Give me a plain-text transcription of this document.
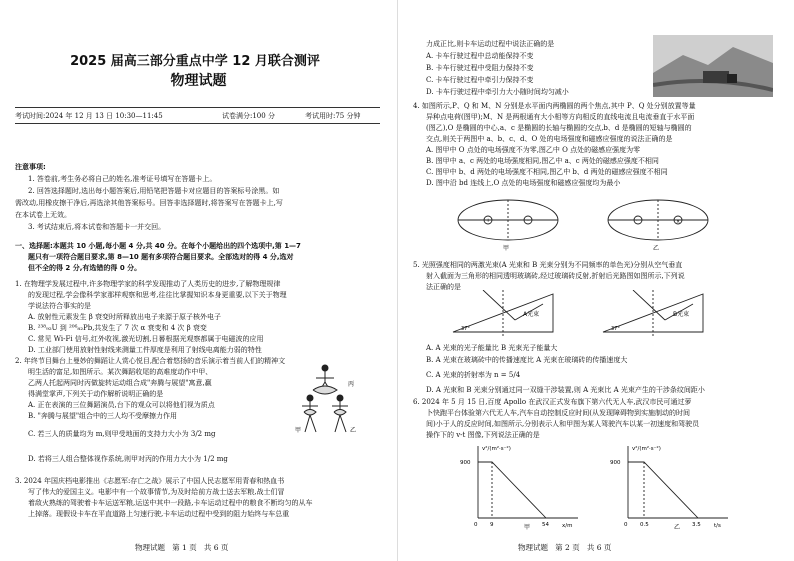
2025 届高三部分重点中学 12 月联合测评
物理试题
考试时间:2024 年 12 月 13 日 10:30—11:45	试卷满分:100 分	考试用时:75 分钟
注意事项:
1. 答卷前,考生务必将自己的姓名,准考证号填写在答题卡上。
2. 回答选择题时,选出每小题答案后,用铅笔把答题卡对应题目的答案标号涂黑。如
需改动,用橡皮擦干净后,再选涂其他答案标号。回答非选择题时,将答案写在答题卡上,写
在本试卷上无效。
3. 考试结束后,将本试卷和答题卡一并交回。
一、选择题:本题共 10 小题,每小题 4 分,共 40 分。在每个小题给出的四个选项中,第 1—7
题只有一项符合题目要求,第 8—10 题有多项符合题目要求。全部选对的得 4 分,选对
但不全的得 2 分,有选错的得 0 分。
1. 在物理学发展过程中,许多物理学家的科学发现推动了人类历史的进步,了解物理规律
的发现过程,学会像科学家那样观察和思考,往往比掌握知识本身更重要,以下关于物理
学说法符合事实的是
A. 放射性元素发生 β 衰变时所释放出电子来源于原子核外电子
B. ²³⁸₉₂U 到 ²⁰⁶₈₂Pb,共发生了 7 次 α 衰变和 4 次 β 衰变
C. 常见 Wi-Fi 信号,红外收视,激光切割,日晷根据光观察都属于电磁波的应用
D. 工业部门使用放射性射线来测量工件厚度是利用了射线电离能力弱的特性
2. 年终节目舞台上曼妙的舞蹈让人赏心悦目,配合着悠扬的音乐演示着当前人们的精神文
明生活的富足,如图所示。某次舞蹈收尾的高难度动作中甲、
乙两人托起两同时丙做旋转运动组合成"奔腾与展望"寓意,赢
得满堂掌声,下列关于动作解析说明正确的是
A. 正在表演的三位舞蹈演员,台下的观众可以将他们视为质点
B. "奔腾与展望"组合中的三人均不受摩擦力作用
C. 若三人的质量均为 m,则甲受地面的支持力大小为 3/2 mg
D. 若将三人组合整体视作系统,则甲对丙的作用力大小为 1/2 mg
丙
甲	乙
3. 2024 年国庆档电影推出《志愿军:存亡之战》展示了中国人民志愿军用青春和热血书
写了伟大的爱国主义。电影中有一个故事情节,为及时给前方战士送去军粮,战士们冒
着敌火熟练的驾驶着卡车运送军粮,运送中其中一段路,卡车运动过程中的粮食不断均匀的从车
上掉落。现假设卡车在平直道路上匀速行驶,卡车运动过程中受到的阻力始终与车总重
物理试题 第 1 页 共 6 页
力成正比,则卡车运动过程中说法正确的是
A. 卡车行驶过程中总动能保持不变
B. 卡车行驶过程中受阻力保持不变
C. 卡车行驶过程中牵引力保持不变
D. 卡车行驶过程中牵引力大小随时间均匀减小
4. 如图所示,P、Q 和 M、N 分别是水平面内两椭圆的两个焦点,其中 P、Q 处分别放置等量
异种点电荷(图甲);M、N 是两根通有大小相等方向相反的直线电流且电流垂直于水平面
(图乙),O 是椭圆的中心,a、c 是椭圆的长轴与椭圆的交点,b、d 是椭圆的短轴与椭圆的
交点,则关于两图中 a、b、c、d、O 处的电场强度和磁感应强度的说法正确的是
A. 图甲中 O 点处的电场强度不为零,图乙中 O 点处的磁感应强度为零
B. 图甲中 a、c 两处的电场强度相同,图乙中 a、c 两处的磁感应强度不相同
C. 图甲中 b、d 两处的电场强度不相同,图乙中 b、d 两处的磁感应强度不相同
D. 图中沿 bd 连线上,O 点处的电场强度和磁感应强度均为最小
+	−	·	×
甲	乙
5. 光照强度相同的两激光束(A 光束和 B 光束分别为不同频率的单色光)分别从空气垂直
射入截面为三角形的相同透明玻璃砖,经过玻璃砖反射,折射后光路图如图所示,下列说
法正确的是
A光束	B光束
37°	37°
A. A 光束的光子能量比 B 光束光子能量大
B. A 光束在玻璃砖中的传播速度比 A 光束在玻璃砖的传播速度大
C. A 光束的折射率为 n = 5/4
D. A 光束和 B 光束分别通过同一双缝干涉装置,则 A 光束比 A 光束产生的干涉条纹间距小
6. 2024 年 5 月 15 日,百度 Apollo 在武汉正式发布旗下第六代无人车,武汉市民可通过萝
卜快跑平台体验第六代无人车,汽车自动控制反应时间(从发现障碍物到实施制动的时间
间)小于人的反应时间,如图所示,分别表示人和甲图为某人驾驶汽车以某一初速度和驾驶员
操作下的 v-t 图像,下列说法正确的是
v²/(m²·s⁻²)
900
x/m
0 9	54
甲
v²/(m²·s⁻²)
900
t/s
0 0.5	3.5
乙
物理试题 第 2 页 共 6 页
